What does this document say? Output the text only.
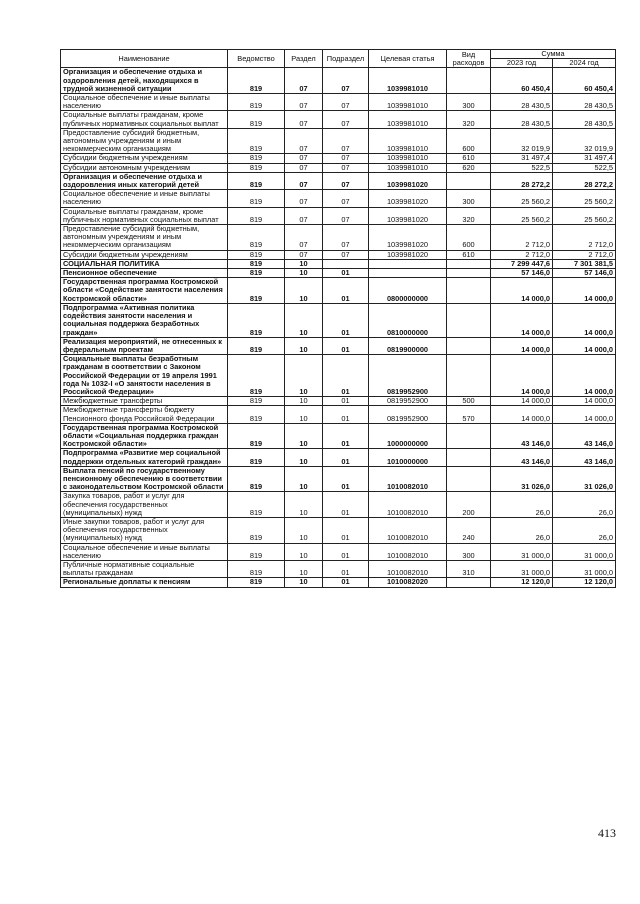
Наименование	Ведомство	Раздел	Подраздел	Целевая статья	Вид расходов	Сумма	
						2023 год	2024 год
Организация и обеспечение отдыха и оздоровления детей, находящихся в трудной жизненной ситуации	819	07	07	1039981010		60 450,4	60 450,4
Социальное обеспечение и иные выплаты населению	819	07	07	1039981010	300	28 430,5	28 430,5
Социальные выплаты гражданам, кроме публичных нормативных социальных выплат	819	07	07	1039981010	320	28 430,5	28 430,5
Предоставление субсидий бюджетным, автономным учреждениям и иным некоммерческим организациям	819	07	07	1039981010	600	32 019,9	32 019,9
Субсидии бюджетным учреждениям	819	07	07	1039981010	610	31 497,4	31 497,4
Субсидии автономным учреждениям	819	07	07	1039981010	620	522,5	522,5
Организация и обеспечение отдыха и оздоровления иных категорий детей	819	07	07	1039981020		28 272,2	28 272,2
Социальное обеспечение и иные выплаты населению	819	07	07	1039981020	300	25 560,2	25 560,2
Социальные выплаты гражданам, кроме публичных нормативных социальных выплат	819	07	07	1039981020	320	25 560,2	25 560,2
Предоставление субсидий бюджетным, автономным учреждениям и иным некоммерческим организациям	819	07	07	1039981020	600	2 712,0	2 712,0
Субсидии бюджетным учреждениям	819	07	07	1039981020	610	2 712,0	2 712,0
СОЦИАЛЬНАЯ ПОЛИТИКА	819	10				7 299 447,6	7 301 381,5
Пенсионное обеспечение	819	10	01			57 146,0	57 146,0
Государственная программа Костромской области «Содействие занятости населения Костромской области»	819	10	01	0800000000		14 000,0	14 000,0
Подпрограмма «Активная политика содействия занятости населения и социальная поддержка безработных граждан»	819	10	01	0810000000		14 000,0	14 000,0
Реализация мероприятий, не отнесенных к федеральным проектам	819	10	01	0819900000		14 000,0	14 000,0
Социальные выплаты безработным гражданам в соответствии с Законом Российской Федерации от 19 апреля 1991 года № 1032-I «О занятости населения в Российской Федерации»	819	10	01	0819952900		14 000,0	14 000,0
Межбюджетные трансферты	819	10	01	0819952900	500	14 000,0	14 000,0
Межбюджетные трансферты бюджету Пенсионного фонда Российской Федерации	819	10	01	0819952900	570	14 000,0	14 000,0
Государственная программа Костромской области «Социальная поддержка граждан Костромской области»	819	10	01	1000000000		43 146,0	43 146,0
Подпрограмма «Развитие мер социальной поддержки отдельных категорий граждан»	819	10	01	1010000000		43 146,0	43 146,0
Выплата пенсий по государственному пенсионному обеспечению в соответствии с законодательством Костромской области	819	10	01	1010082010		31 026,0	31 026,0
Закупка товаров, работ и услуг для обеспечения государственных (муниципальных) нужд	819	10	01	1010082010	200	26,0	26,0
Иные закупки товаров, работ и услуг для обеспечения государственных (муниципальных) нужд	819	10	01	1010082010	240	26,0	26,0
Социальное обеспечение и иные выплаты населению	819	10	01	1010082010	300	31 000,0	31 000,0
Публичные нормативные социальные выплаты гражданам	819	10	01	1010082010	310	31 000,0	31 000,0
Региональные доплаты к пенсиям	819	10	01	1010082020		12 120,0	12 120,0
413
